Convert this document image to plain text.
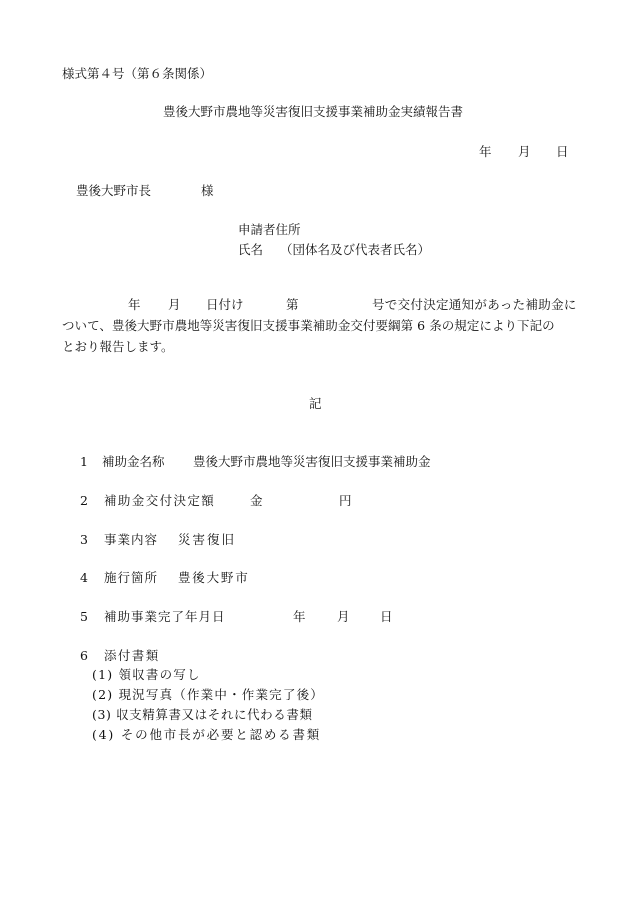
様式第４号（第６条関係）
豊後大野市農地等災害復旧支援事業補助金実績報告書
年 月 日
豊後大野市長	様
申請者住所
氏名 （団体名及び代表者氏名）
年 月 日付け	第	号で交付決定通知があった補助金に
ついて、豊後大野市農地等災害復旧支援事業補助金交付要綱第 6 条の規定により下記の
とおり報告します。
記
1 補助金名称 豊後大野市農地等災害復旧支援事業補助金
2 補助金交付決定額	金	円
3 事業内容 災害復旧
4 施行箇所 豊後大野市
5 補助事業完了年月日	年	月 日
6 添付書類
(1) 領収書の写し
(2) 現況写真（作業中・作業完了後）
(3) 収支精算書又はそれに代わる書類
(4) その他市長が必要と認める書類
